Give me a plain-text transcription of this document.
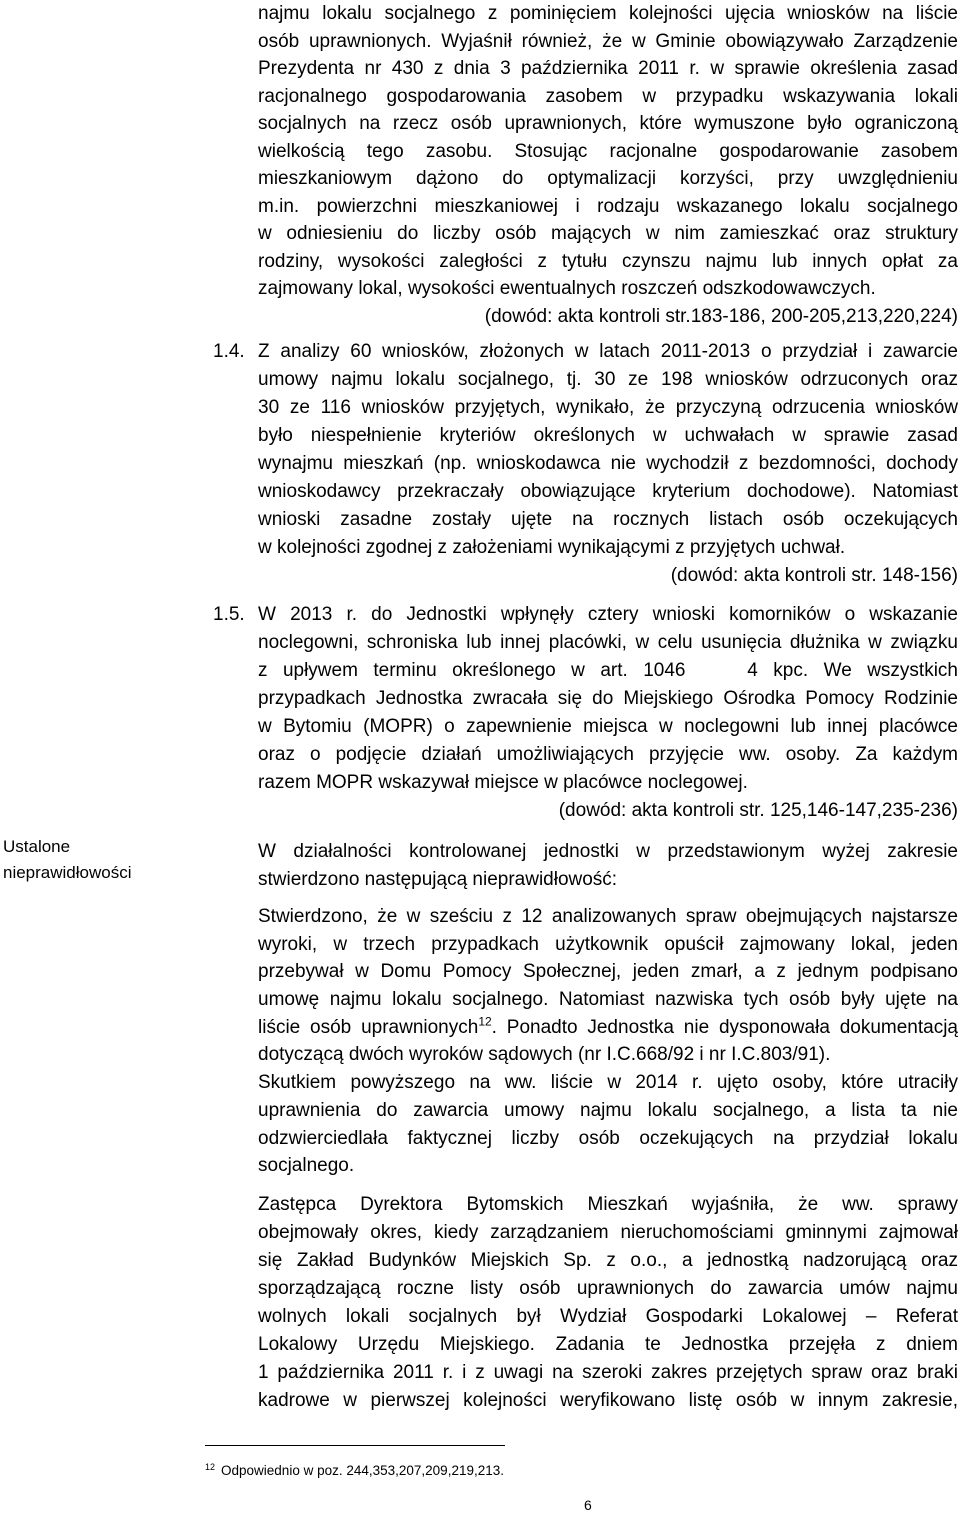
najmu lokalu socjalnego z pominięciem kolejności ujęcia wniosków na liście
osób uprawnionych. Wyjaśnił również, że w Gminie obowiązywało Zarządzenie
Prezydenta nr 430 z dnia 3 października 2011 r. w sprawie określenia zasad
racjonalnego gospodarowania zasobem w przypadku wskazywania lokali
socjalnych na rzecz osób uprawnionych, które wymuszone było ograniczoną
wielkością tego zasobu. Stosując racjonalne gospodarowanie zasobem
mieszkaniowym dążono do optymalizacji korzyści, przy uwzględnieniu
m.in. powierzchni mieszkaniowej i rodzaju wskazanego lokalu socjalnego
w odniesieniu do liczby osób mających w nim zamieszkać oraz struktury
rodziny, wysokości zaległości z tytułu czynszu najmu lub innych opłat za
zajmowany lokal, wysokości ewentualnych roszczeń odszkodowawczych.
(dowód: akta kontroli str.183-186, 200-205,213,220,224)
1.4. Z analizy 60 wniosków, złożonych w latach 2011-2013 o przydział i zawarcie
umowy najmu lokalu socjalnego, tj. 30 ze 198 wniosków odrzuconych oraz
30 ze 116 wniosków przyjętych, wynikało, że przyczyną odrzucenia wniosków
było niespełnienie kryteriów określonych w uchwałach w sprawie zasad
wynajmu mieszkań (np. wnioskodawca nie wychodził z bezdomności, dochody
wnioskodawcy przekraczały obowiązujące kryterium dochodowe). Natomiast
wnioski zasadne zostały ujęte na rocznych listach osób oczekujących
w kolejności zgodnej z założeniami wynikającymi z przyjętych uchwał.
(dowód: akta kontroli str. 148-156)
1.5. W 2013 r. do Jednostki wpłynęły cztery wnioski komorników o wskazanie
noclegowni, schroniska lub innej placówki, w celu usunięcia dłużnika w związku
z upływem terminu określonego w art. 1046    4 kpc. We wszystkich
przypadkach Jednostka zwracała się do Miejskiego Ośrodka Pomocy Rodzinie
w Bytomiu (MOPR) o zapewnienie miejsca w noclegowni lub innej placówce
oraz o podjęcie działań umożliwiających przyjęcie ww. osoby. Za każdym
razem MOPR wskazywał miejsce w placówce noclegowej.
(dowód: akta kontroli str. 125,146-147,235-236)
Ustalone
nieprawidłowości
W działalności kontrolowanej jednostki w przedstawionym wyżej zakresie
stwierdzono następującą nieprawidłowość:
Stwierdzono, że w sześciu z 12 analizowanych spraw obejmujących najstarsze
wyroki, w trzech przypadkach użytkownik opuścił zajmowany lokal, jeden
przebywał w Domu Pomocy Społecznej, jeden zmarł, a z jednym podpisano
umowę najmu lokalu socjalnego. Natomiast nazwiska tych osób były ujęte na
liście osób uprawnionych$^{12}$. Ponadto Jednostka nie dysponowała dokumentacją
dotyczącą dwóch wyroków sądowych (nr I.C.668/92 i nr I.C.803/91).
Skutkiem powyższego na ww. liście w 2014 r. ujęto osoby, które utraciły
uprawnienia do zawarcia umowy najmu lokalu socjalnego, a lista ta nie
odzwierciedlała faktycznej liczby osób oczekujących na przydział lokalu
socjalnego.
Zastępca Dyrektora Bytomskich Mieszkań wyjaśniła, że ww. sprawy
obejmowały okres, kiedy zarządzaniem nieruchomościami gminnymi zajmował
się Zakład Budynków Miejskich Sp. z o.o., a jednostką nadzorującą oraz
sporządzającą roczne listy osób uprawnionych do zawarcia umów najmu
wolnych lokali socjalnych był Wydział Gospodarki Lokalowej – Referat
Lokalowy Urzędu Miejskiego. Zadania te Jednostka przejęła z dniem
1 października 2011 r. i z uwagi na szeroki zakres przejętych spraw oraz braki
kadrowe w pierwszej kolejności weryfikowano listę osób w innym zakresie,
$^{12}$ Odpowiednio w poz. 244,353,207,209,219,213.
6
